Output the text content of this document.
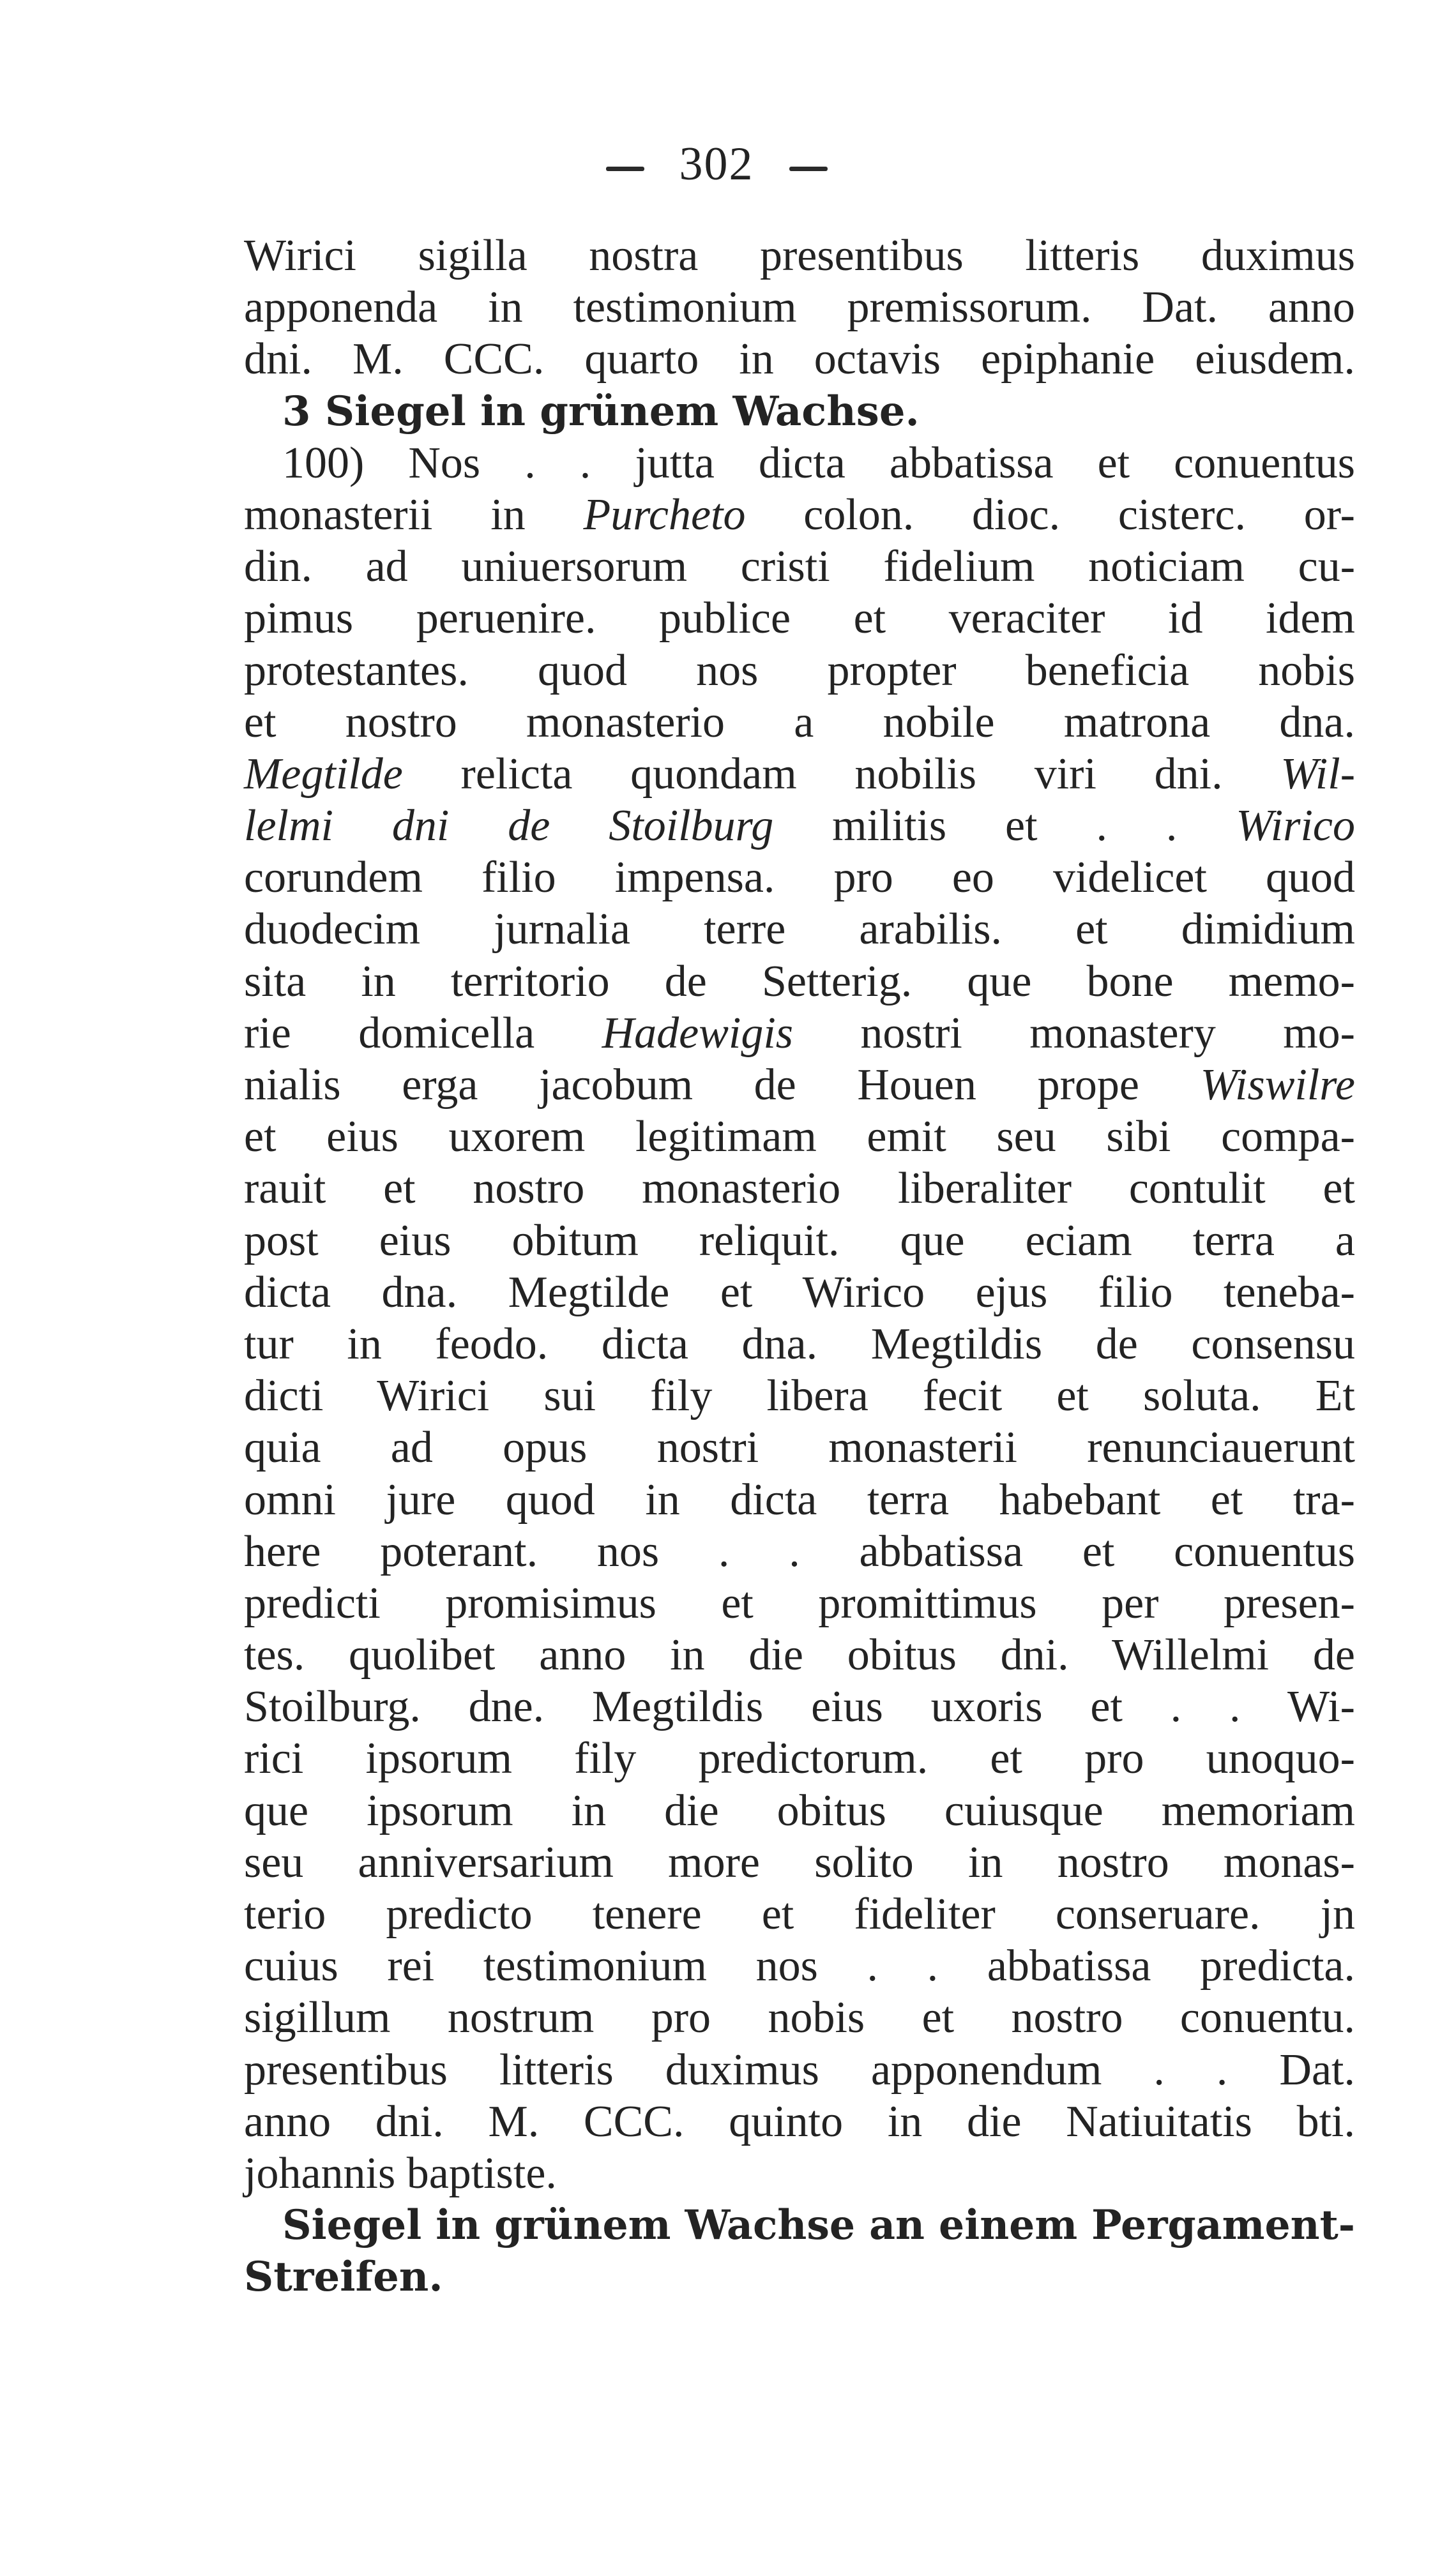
302
Wirici sigilla nostra presentibus litteris duximus
apponenda in testimonium premissorum. Dat. anno
dni. M. CCC. quarto in octavis epiphanie eiusdem.
3 Siegel in grünem Wachse.
100) Nos . . jutta dicta abbatissa et conuentus
monasterii in Purcheto colon. dioc. cisterc. or-
din. ad uniuersorum cristi fidelium noticiam cu-
pimus peruenire. publice et veraciter id idem
protestantes. quod nos propter beneficia nobis
et nostro monasterio a nobile matrona dna.
Megtilde relicta quondam nobilis viri dni. Wil-
lelmi dni de Stoilburg militis et . . Wirico
corundem filio impensa. pro eo videlicet quod
duodecim jurnalia terre arabilis. et dimidium
sita in territorio de Setterig. que bone memo-
rie domicella Hadewigis nostri monastery mo-
nialis erga jacobum de Houen prope Wiswilre
et eius uxorem legitimam emit seu sibi compa-
rauit et nostro monasterio liberaliter contulit et
post eius obitum reliquit. que eciam terra a
dicta dna. Megtilde et Wirico ejus filio teneba-
tur in feodo. dicta dna. Megtildis de consensu
dicti Wirici sui fily libera fecit et soluta. Et
quia ad opus nostri monasterii renunciauerunt
omni jure quod in dicta terra habebant et tra-
here poterant. nos . . abbatissa et conuentus
predicti promisimus et promittimus per presen-
tes. quolibet anno in die obitus dni. Willelmi de
Stoilburg. dne. Megtildis eius uxoris et . . Wi-
rici ipsorum fily predictorum. et pro unoquo-
que ipsorum in die obitus cuiusque memoriam
seu anniversarium more solito in nostro monas-
terio predicto tenere et fideliter conseruare. jn
cuius rei testimonium nos . . abbatissa predicta.
sigillum nostrum pro nobis et nostro conuentu.
presentibus litteris duximus apponendum . . Dat.
anno dni. M. CCC. quinto in die Natiuitatis bti.
johannis baptiste.
Siegel in grünem Wachse an einem Pergament-
Streifen.
